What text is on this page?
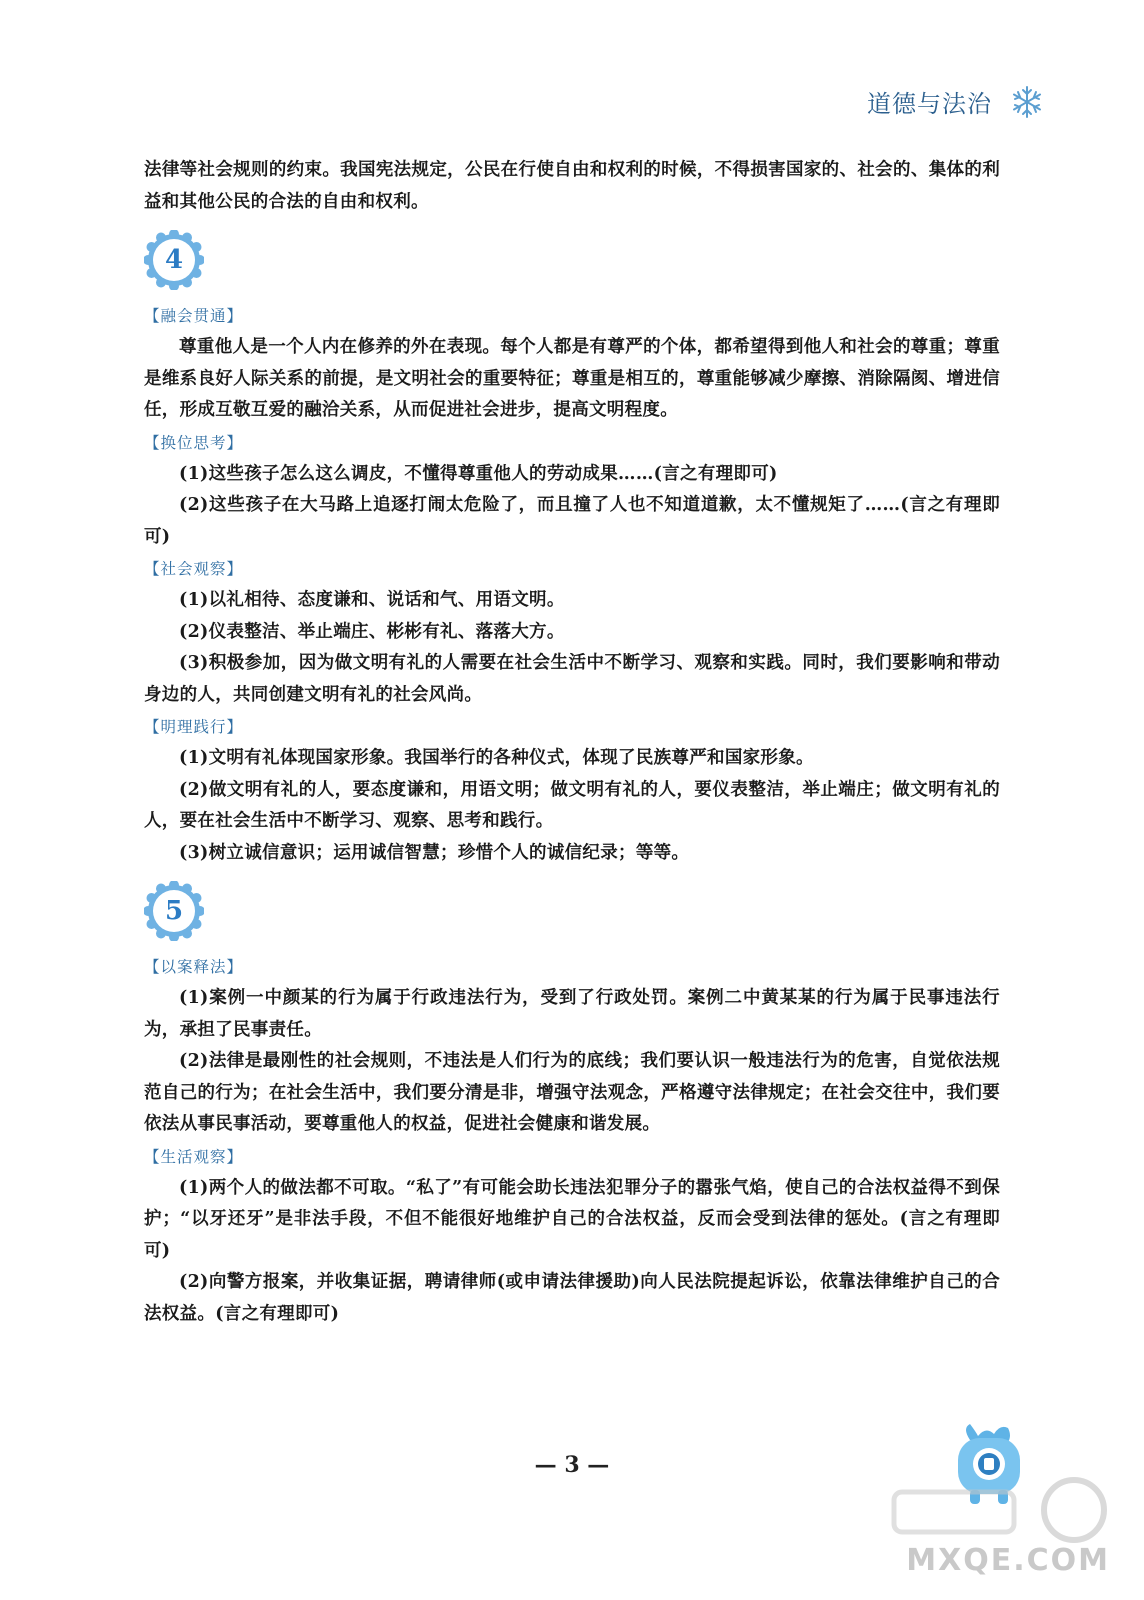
道德与法治

法律等社会规则的约束。我国宪法规定，公民在行使自由和权利的时候，不得损害国家的、社会的、集体的利益和其他公民的合法的自由和权利。

4
【融会贯通】

尊重他人是一个人内在修养的外在表现。每个人都是有尊严的个体，都希望得到他人和社会的尊重；尊重是维系良好人际关系的前提，是文明社会的重要特征；尊重是相互的，尊重能够减少摩擦、消除隔阂、增进信任，形成互敬互爱的融洽关系，从而促进社会进步，提高文明程度。

【换位思考】

(1)这些孩子怎么这么调皮，不懂得尊重他人的劳动成果……(言之有理即可)

(2)这些孩子在大马路上追逐打闹太危险了，而且撞了人也不知道道歉，太不懂规矩了……(言之有理即可)

【社会观察】

(1)以礼相待、态度谦和、说话和气、用语文明。

(2)仪表整洁、举止端庄、彬彬有礼、落落大方。

(3)积极参加，因为做文明有礼的人需要在社会生活中不断学习、观察和实践。同时，我们要影响和带动身边的人，共同创建文明有礼的社会风尚。

【明理践行】

(1)文明有礼体现国家形象。我国举行的各种仪式，体现了民族尊严和国家形象。

(2)做文明有礼的人，要态度谦和，用语文明；做文明有礼的人，要仪表整洁，举止端庄；做文明有礼的人，要在社会生活中不断学习、观察、思考和践行。

(3)树立诚信意识；运用诚信智慧；珍惜个人的诚信纪录；等等。

5
【以案释法】

(1)案例一中颜某的行为属于行政违法行为，受到了行政处罚。案例二中黄某某的行为属于民事违法行为，承担了民事责任。

(2)法律是最刚性的社会规则，不违法是人们行为的底线；我们要认识一般违法行为的危害，自觉依法规范自己的行为；在社会生活中，我们要分清是非，增强守法观念，严格遵守法律规定；在社会交往中，我们要依法从事民事活动，要尊重他人的权益，促进社会健康和谐发展。

【生活观察】

(1)两个人的做法都不可取。“私了”有可能会助长违法犯罪分子的嚣张气焰，使自己的合法权益得不到保护；“以牙还牙”是非法手段，不但不能很好地维护自己的合法权益，反而会受到法律的惩处。(言之有理即可)

(2)向警方报案，并收集证据，聘请律师(或申请法律援助)向人民法院提起诉讼，依靠法律维护自己的合法权益。(言之有理即可)

— 3 —
MXQE.COM
